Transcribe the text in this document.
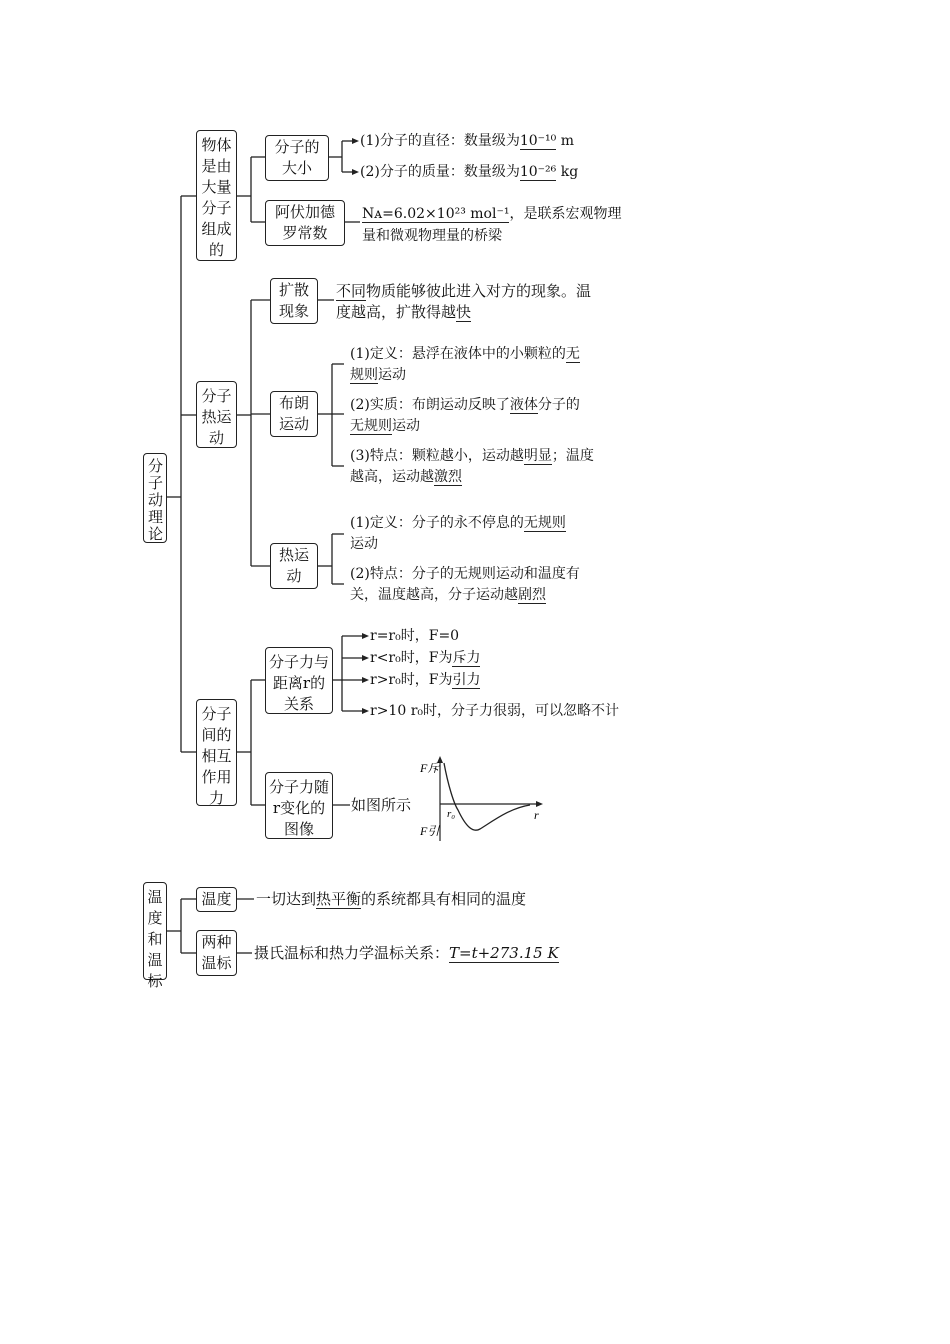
分子动理论
物体是由大量分子组成的
分子的大小
(1)分子的直径：数量级为10⁻¹⁰ m
(2)分子的质量：数量级为10⁻²⁶ kg
阿伏加德罗常数
Nᴀ=6.02×10²³ mol⁻¹，是联系宏观物理
量和微观物理量的桥梁
分子热运动
扩散现象
不同物质能够彼此进入对方的现象。温
度越高，扩散得越快
布朗运动
(1)定义：悬浮在液体中的小颗粒的无
规则运动
(2)实质：布朗运动反映了液体分子的
无规则运动
(3)特点：颗粒越小，运动越明显；温度
越高，运动越激烈
热运动
(1)定义：分子的永不停息的无规则
运动
(2)特点：分子的无规则运动和温度有
关，温度越高，分子运动越剧烈
分子间的相互作用力
分子力与距离r的关系
r=r₀时，F=0
r<r₀时，F为斥力
r>r₀时，F为引力
r>10 r₀时，分子力很弱，可以忽略不计
分子力随r变化的图像
如图所示
F斥
F引
r₀	r
温度和温标
温度	一切达到热平衡的系统都具有相同的温度
两种温标
摄氏温标和热力学温标关系：T=t+273.15 K
